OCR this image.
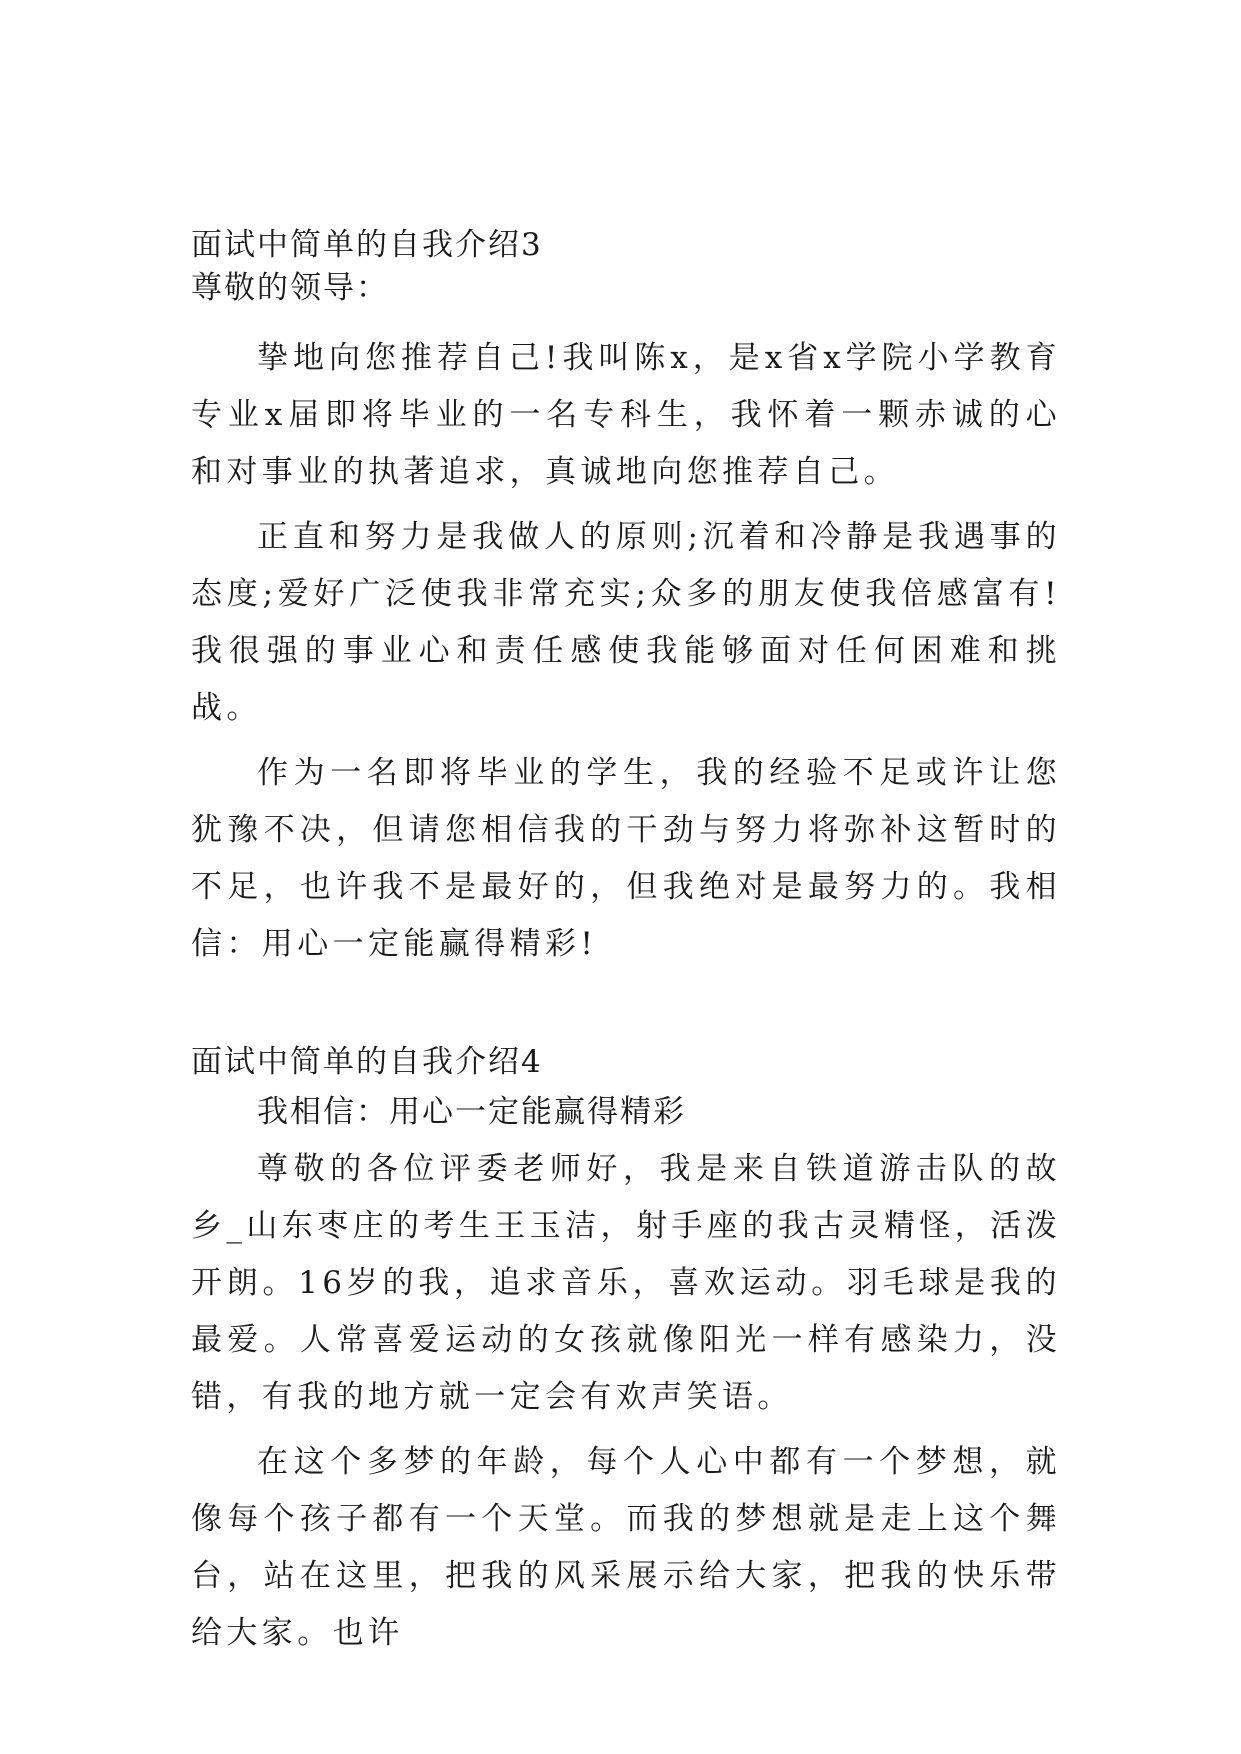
面试中简单的自我介绍3
尊敬的领导：

挚地向您推荐自己!我叫陈x，是x省x学院小学教育专业x届即将毕业的一名专科生，我怀着一颗赤诚的心和对事业的执著追求，真诚地向您推荐自己。

正直和努力是我做人的原则;沉着和冷静是我遇事的态度;爱好广泛使我非常充实;众多的朋友使我倍感富有!我很强的事业心和责任感使我能够面对任何困难和挑战。

作为一名即将毕业的学生，我的经验不足或许让您犹豫不决，但请您相信我的干劲与努力将弥补这暂时的不足，也许我不是最好的，但我绝对是最努力的。我相信：用心一定能赢得精彩!

面试中简单的自我介绍4

我相信：用心一定能赢得精彩

尊敬的各位评委老师好，我是来自铁道游击队的故乡_山东枣庄的考生王玉洁，射手座的我古灵精怪，活泼开朗。16岁的我，追求音乐，喜欢运动。羽毛球是我的最爱。人常喜爱运动的女孩就像阳光一样有感染力，没错，有我的地方就一定会有欢声笑语。

在这个多梦的年龄，每个人心中都有一个梦想，就像每个孩子都有一个天堂。而我的梦想就是走上这个舞台，站在这里，把我的风采展示给大家，把我的快乐带给大家。也许
